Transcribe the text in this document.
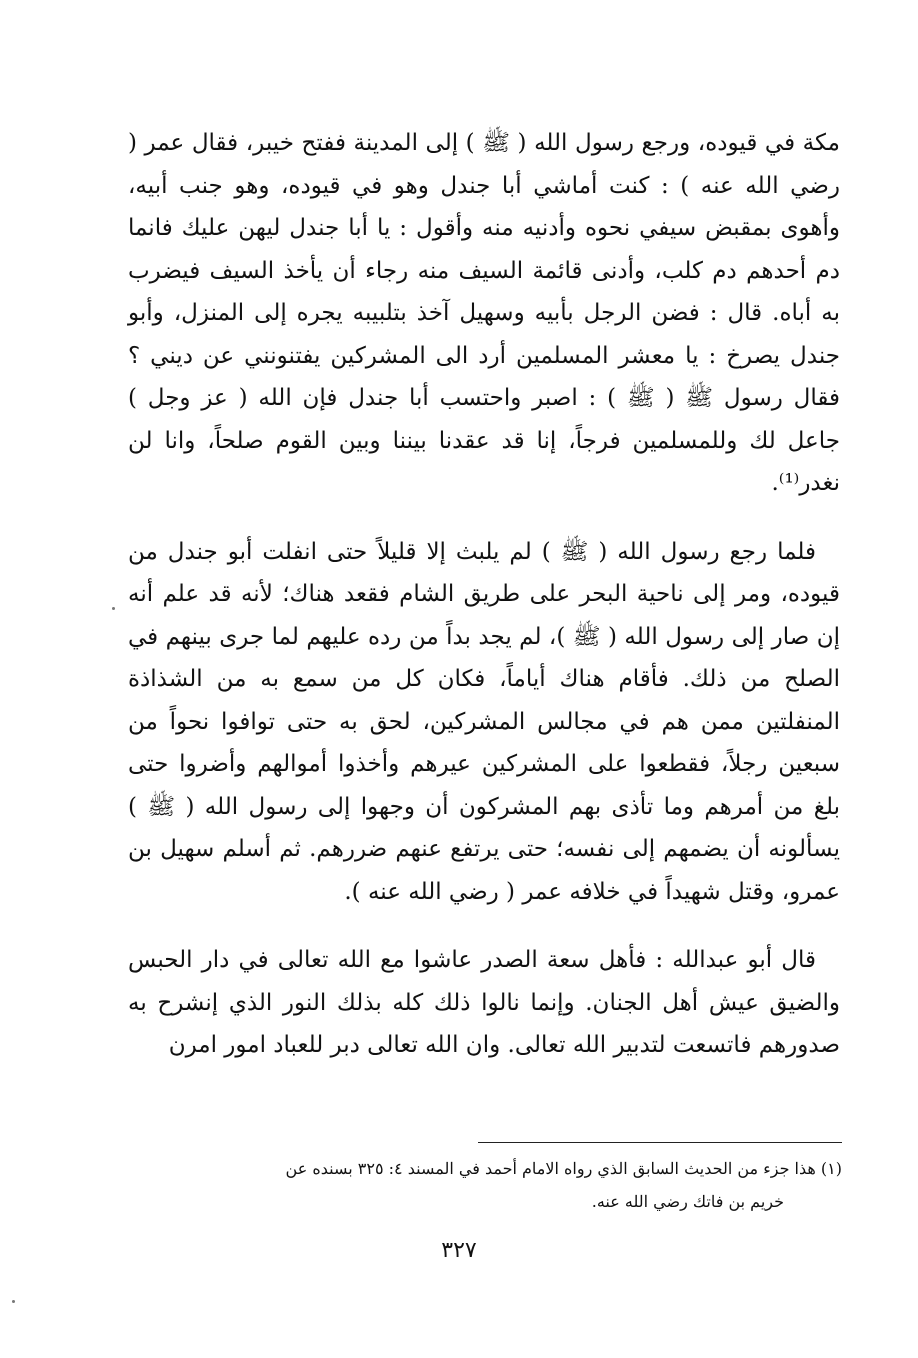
مكة في قيوده، ورجع رسول الله ( ﷺ ) إلى المدينة ففتح خيبر، فقال عمر ( رضي الله عنه ) : كنت أماشي أبا جندل وهو في قيوده، وهو جنب أبيه، وأهوى بمقبض سيفي نحوه وأدنيه منه وأقول : يا أبا جندل ليهن عليك فانما دم أحدهم دم كلب، وأدنى قائمة السيف منه رجاء أن يأخذ السيف فيضرب به أباه. قال : فضن الرجل بأبيه وسهيل آخذ بتلبيبه يجره إلى المنزل، وأبو جندل يصرخ : يا معشر المسلمين أرد الى المشركين يفتنونني عن ديني ؟ فقال رسول ﷺ ( ﷺ ) : اصبر واحتسب أبا جندل فإن الله ( عز وجل ) جاعل لك وللمسلمين فرجاً، إنا قد عقدنا بيننا وبين القوم صلحاً، وانا لن نغدر⁽¹⁾.

فلما رجع رسول الله ( ﷺ ) لم يلبث إلا قليلاً حتى انفلت أبو جندل من قيوده، ومر إلى ناحية البحر على طريق الشام فقعد هناك؛ لأنه قد علم أنه إن صار إلى رسول الله ( ﷺ )، لم يجد بداً من رده عليهم لما جرى بينهم في الصلح من ذلك. فأقام هناك أياماً، فكان كل من سمع به من الشذاذة المنفلتين ممن هم في مجالس المشركين، لحق به حتى توافوا نحواً من سبعين رجلاً، فقطعوا على المشركين عيرهم وأخذوا أموالهم وأضروا حتى بلغ من أمرهم وما تأذى بهم المشركون أن وجهوا إلى رسول الله ( ﷺ ) يسألونه أن يضمهم إلى نفسه؛ حتى يرتفع عنهم ضررهم. ثم أسلم سهيل بن عمرو، وقتل شهيداً في خلافه عمر ( رضي الله عنه ).

قال أبو عبدالله : فأهل سعة الصدر عاشوا مع الله تعالى في دار الحبس والضيق عيش أهل الجنان. وإنما نالوا ذلك كله بذلك النور الذي إنشرح به صدورهم فاتسعت لتدبير الله تعالى. وان الله تعالى دبر للعباد امور امرن

(١) هذا جزء من الحديث السابق الذي رواه الامام أحمد في المسند ٤: ٣٢٥ بسنده عن
خريم بن فاتك رضي الله عنه.
٣٢٧
